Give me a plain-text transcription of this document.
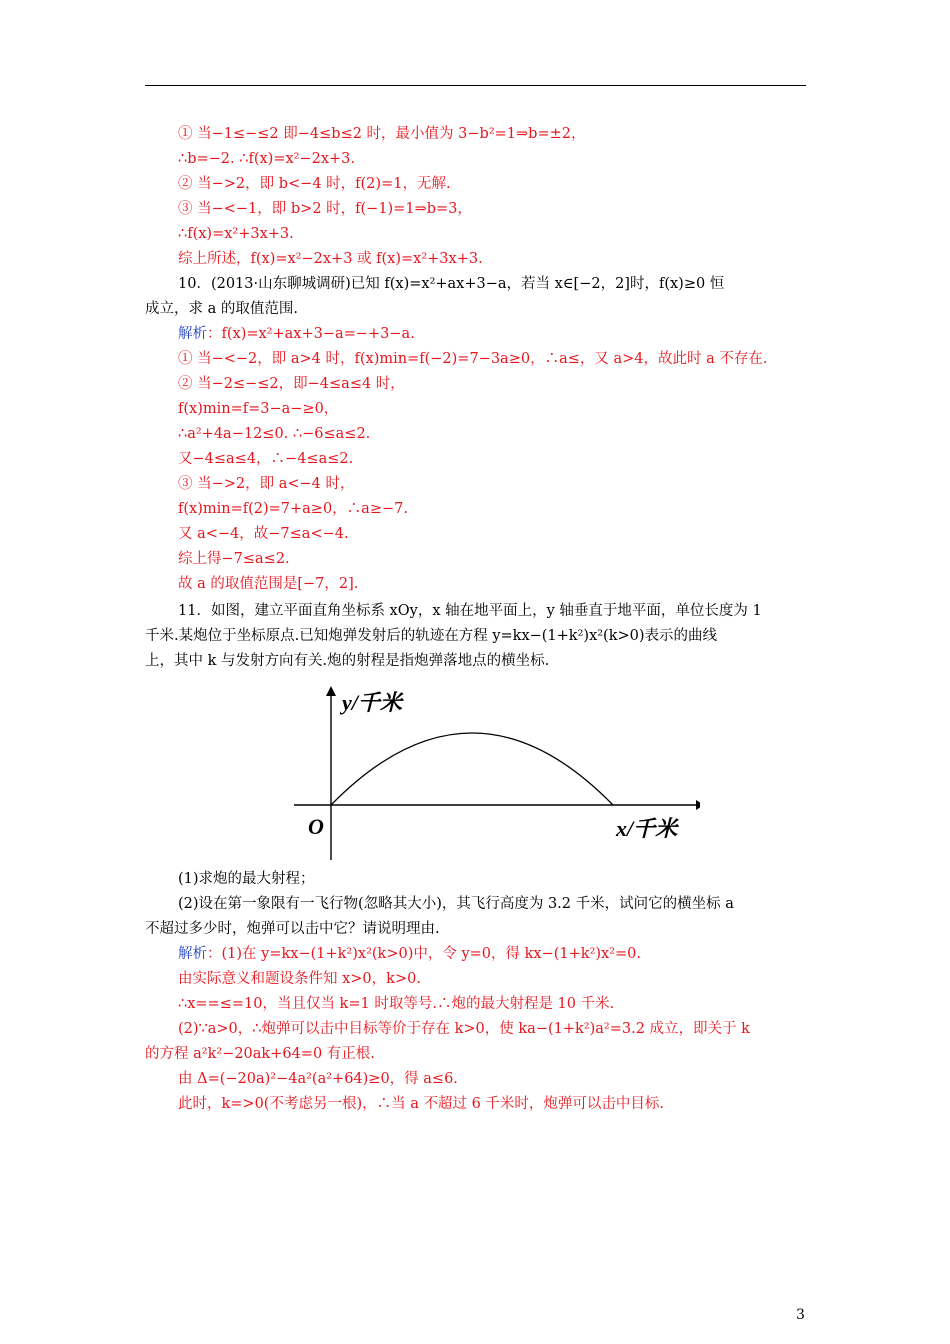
① 当−1≤−≤2 即−4≤b≤2 时，最小值为 3−b²=1⇒b=±2，
∴b=−2. ∴f(x)=x²−2x+3.
② 当−>2，即 b<−4 时，f(2)=1，无解.
③ 当−<−1，即 b>2 时，f(−1)=1⇒b=3，
∴f(x)=x²+3x+3.
综上所述，f(x)=x²−2x+3 或 f(x)=x²+3x+3.
10．(2013·山东聊城调研)已知 f(x)=x²+ax+3−a，若当 x∈[−2，2]时，f(x)≥0 恒
成立，求 a 的取值范围.
解析：f(x)=x²+ax+3−a=−+3−a.
① 当−<−2，即 a>4 时，f(x)min=f(−2)=7−3a≥0，∴a≤，又 a>4，故此时 a 不存在.
② 当−2≤−≤2，即−4≤a≤4 时，
f(x)min=f=3−a−≥0，
∴a²+4a−12≤0. ∴−6≤a≤2.
又−4≤a≤4，∴−4≤a≤2.
③ 当−>2，即 a<−4 时，
f(x)min=f(2)=7+a≥0，∴a≥−7.
又 a<−4，故−7≤a<−4.
综上得−7≤a≤2.
故 a 的取值范围是[−7，2].
11．如图，建立平面直角坐标系 xOy，x 轴在地平面上，y 轴垂直于地平面，单位长度为 1
千米.某炮位于坐标原点.已知炮弹发射后的轨迹在方程 y=kx−(1+k²)x²(k>0)表示的曲线
上，其中 k 与发射方向有关.炮的射程是指炮弹落地点的横坐标.
y/千米
O	x/千米
(1)求炮的最大射程；
(2)设在第一象限有一飞行物(忽略其大小)，其飞行高度为 3.2 千米，试问它的横坐标 a
不超过多少时，炮弹可以击中它？请说明理由.
解析：(1)在 y=kx−(1+k²)x²(k>0)中，令 y=0，得 kx−(1+k²)x²=0.
由实际意义和题设条件知 x>0，k>0.
∴x==≤=10，当且仅当 k=1 时取等号.∴炮的最大射程是 10 千米.
(2)∵a>0，∴炮弹可以击中目标等价于存在 k>0，使 ka−(1+k²)a²=3.2 成立，即关于 k
的方程 a²k²−20ak+64=0 有正根.
由 Δ=(−20a)²−4a²(a²+64)≥0，得 a≤6.
此时，k=>0(不考虑另一根)，∴当 a 不超过 6 千米时，炮弹可以击中目标.
3
